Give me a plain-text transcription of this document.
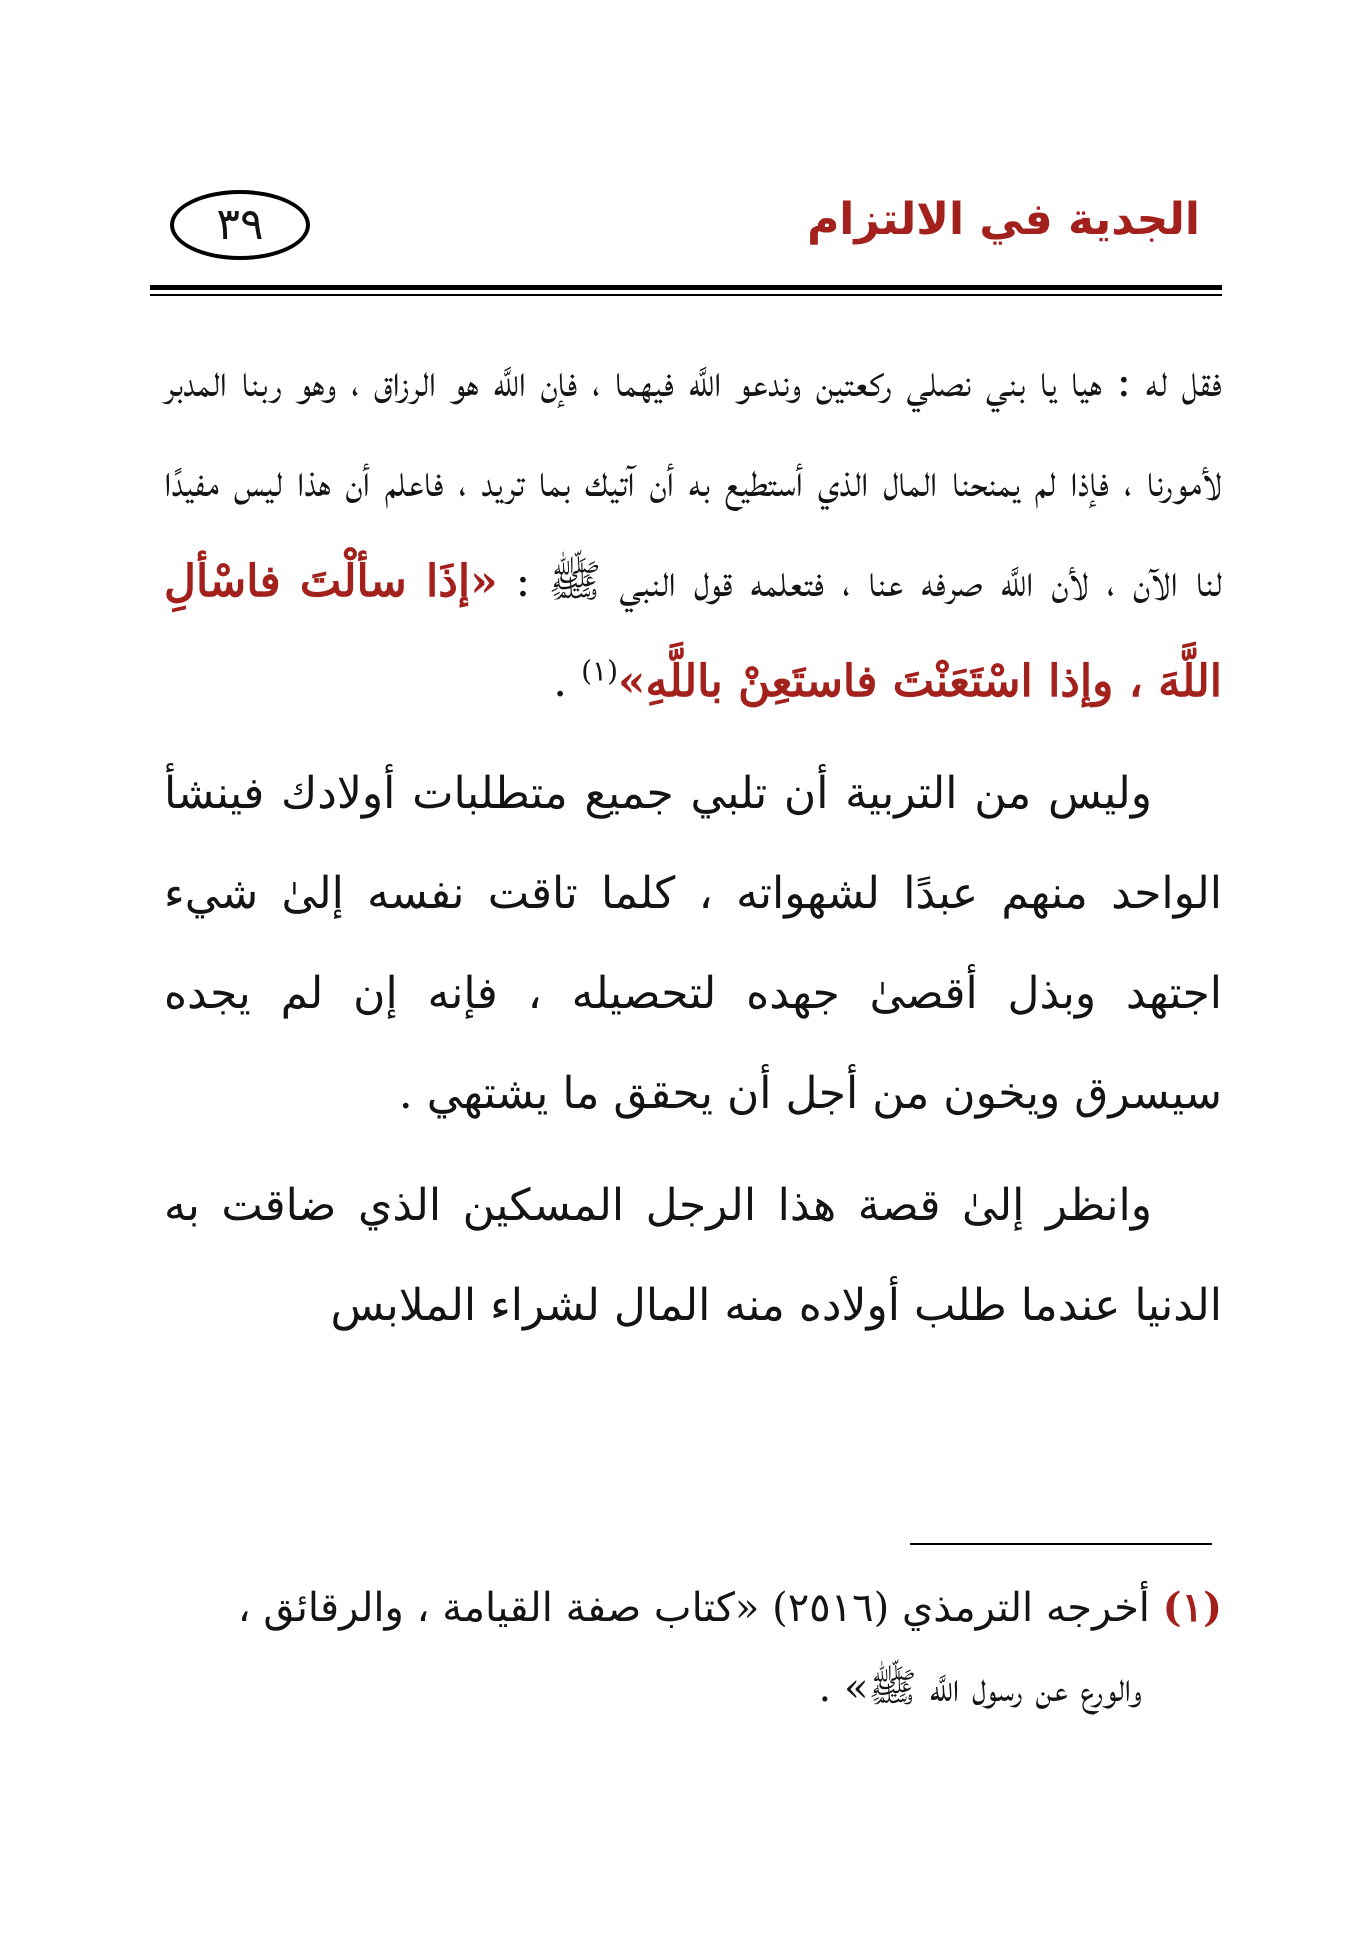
الجدية في الالتزام
٣٩

فقل له : هيا يا بني نصلي ركعتين وندعو اللَّه فيهما ، فإن اللَّه هو الرزاق ، وهو ربنا المدبر لأمورنا ، فإذا لم يمنحنا المال الذي أستطيع به أن آتيك بما تريد ، فاعلم أن هذا ليس مفيدًا لنا الآن ، لأن اللَّه صرفه عنا ، فتعلمه قول النبي ﷺ : «إذَا سألْتَ فاسْألِ اللَّهَ ، وإذا اسْتَعَنْتَ فاستَعِنْ باللَّهِ»$^{(١)}$ .

وليس من التربية أن تلبي جميع متطلبات أولادك فينشأ الواحد منهم عبدًا لشهواته ، كلما تاقت نفسه إلىٰ شيء اجتهد وبذل أقصىٰ جهده لتحصيله ، فإنه إن لم يجده سيسرق ويخون من أجل أن يحقق ما يشتهي .

وانظر إلىٰ قصة هذا الرجل المسكين الذي ضاقت به الدنيا عندما طلب أولاده منه المال لشراء الملابس

(١) أخرجه الترمذي (٢٥١٦) «كتاب صفة القيامة ، والرقائق ،
والورع عن رسول اللَّه ﷺ» .
